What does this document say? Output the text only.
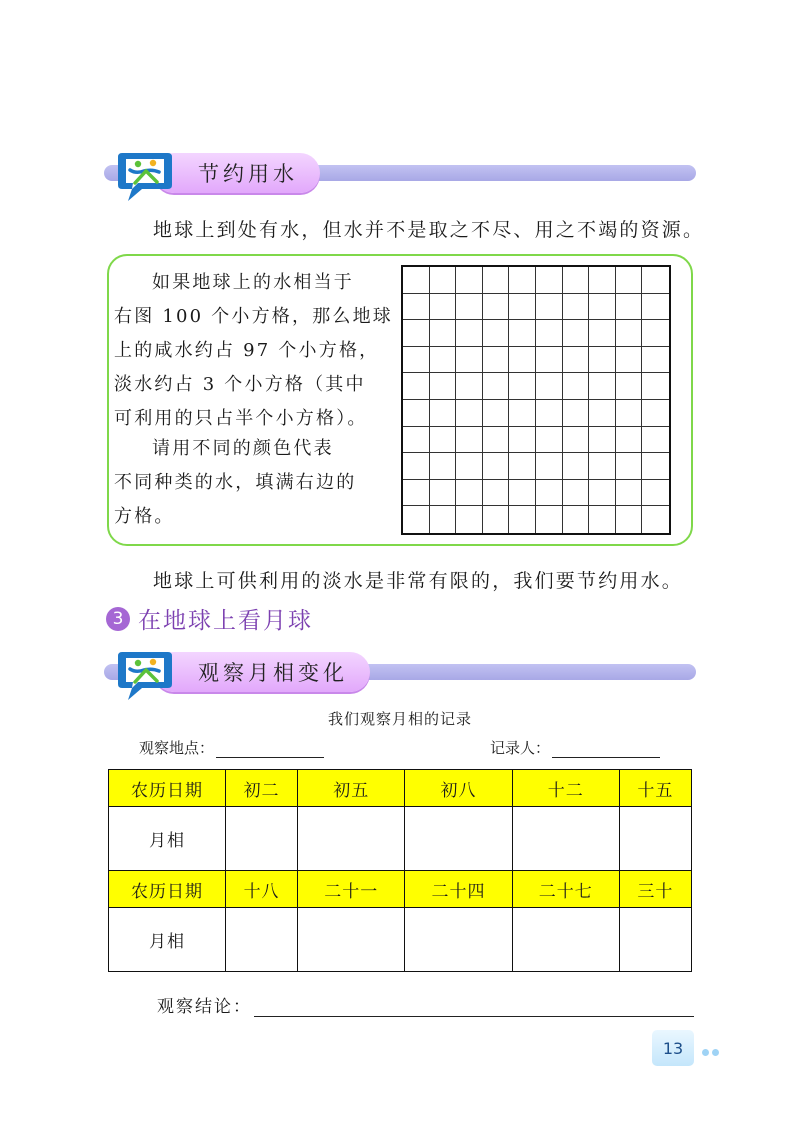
节约用水
地球上到处有水，但水并不是取之不尽、用之不竭的资源。
如果地球上的水相当于
右图 100 个小方格，那么地球
上的咸水约占 97 个小方格，
淡水约占 3 个小方格（其中
可利用的只占半个小方格）。
请用不同的颜色代表
不同种类的水，填满右边的
方格。
地球上可供利用的淡水是非常有限的，我们要节约用水。
3 在地球上看月球
观察月相变化
我们观察月相的记录
观察地点：	记录人：
农历日期	初二	初五	初八	十二	十五
月相					
农历日期	十八	二十一	二十四	二十七	三十
月相					
观察结论：
13
